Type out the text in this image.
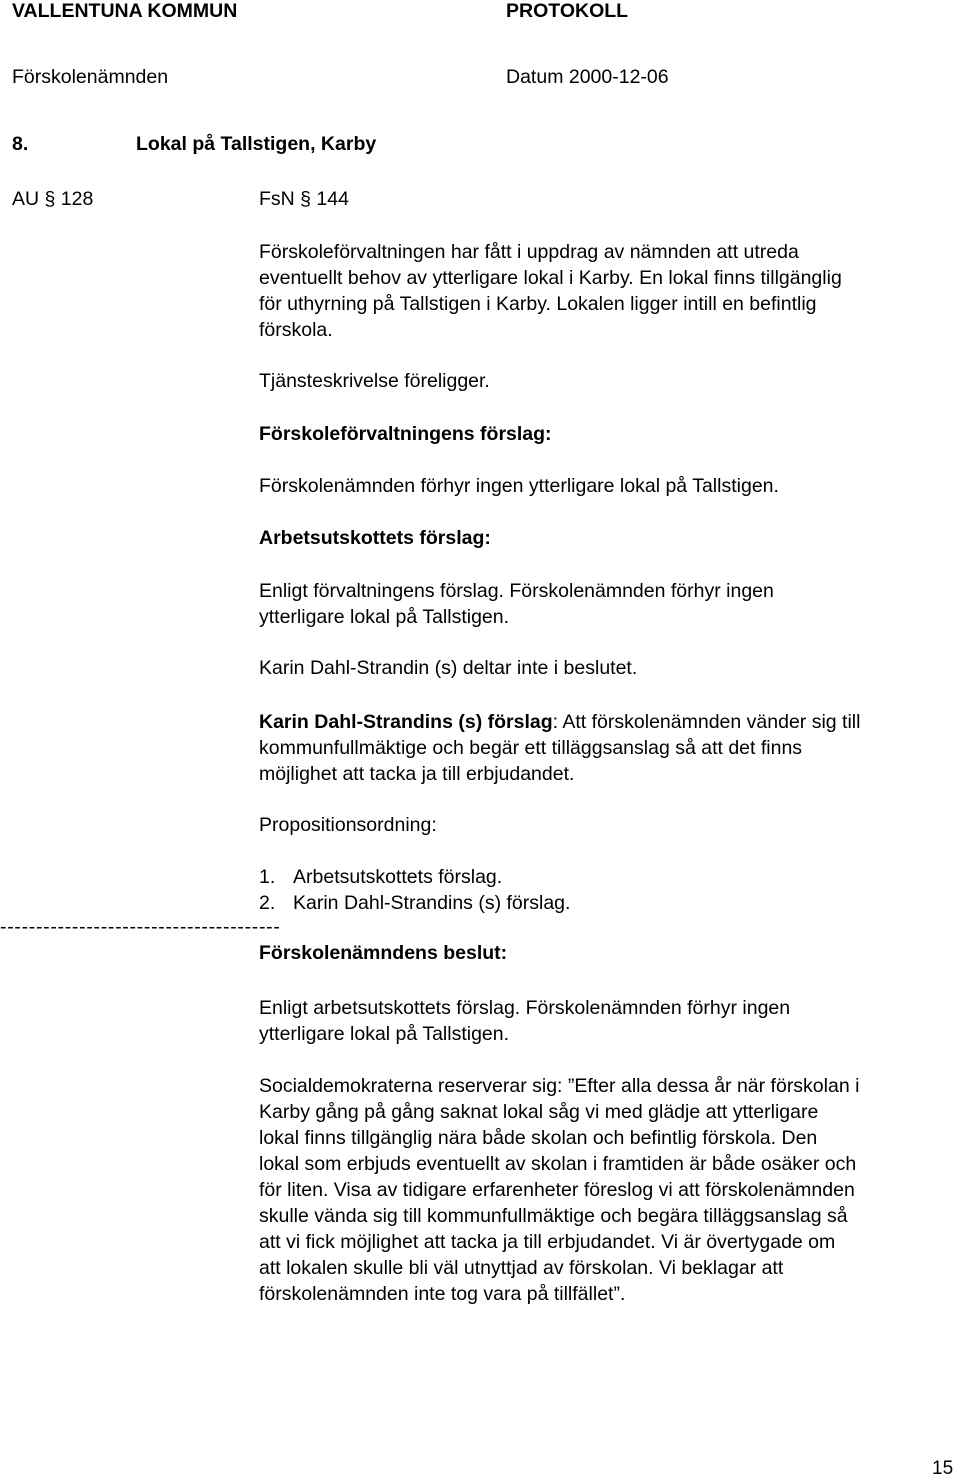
VALLENTUNA KOMMUN	PROTOKOLL
Förskolenämnden	Datum 2000-12-06
8.	Lokal på Tallstigen, Karby
AU § 128	FsN § 144
Förskoleförvaltningen har fått i uppdrag av nämnden att utreda
eventuellt behov av ytterligare lokal i Karby. En lokal finns tillgänglig
för uthyrning på Tallstigen i Karby. Lokalen ligger intill en befintlig
förskola.
Tjänsteskrivelse föreligger.
Förskoleförvaltningens förslag:
Förskolenämnden förhyr ingen ytterligare lokal på Tallstigen.
Arbetsutskottets förslag:
Enligt förvaltningens förslag. Förskolenämnden förhyr ingen
ytterligare lokal på Tallstigen.
Karin Dahl-Strandin (s) deltar inte i beslutet.
Karin Dahl-Strandins (s) förslag: Att förskolenämnden vänder sig till
kommunfullmäktige och begär ett tilläggsanslag så att det finns
möjlighet att tacka ja till erbjudandet.
Propositionsordning:
1. Arbetsutskottets förslag.
2. Karin Dahl-Strandins (s) förslag.
---------------------------------------
Förskolenämndens beslut:
Enligt arbetsutskottets förslag. Förskolenämnden förhyr ingen
ytterligare lokal på Tallstigen.
Socialdemokraterna reserverar sig: ”Efter alla dessa år när förskolan i
Karby gång på gång saknat lokal såg vi med glädje att ytterligare
lokal finns tillgänglig nära både skolan och befintlig förskola. Den
lokal som erbjuds eventuellt av skolan i framtiden är både osäker och
för liten. Visa av tidigare erfarenheter föreslog vi att förskolenämnden
skulle vända sig till kommunfullmäktige och begära tilläggsanslag så
att vi fick möjlighet att tacka ja till erbjudandet. Vi är övertygade om
att lokalen skulle bli väl utnyttjad av förskolan. Vi beklagar att
förskolenämnden inte tog vara på tillfället”.
15
